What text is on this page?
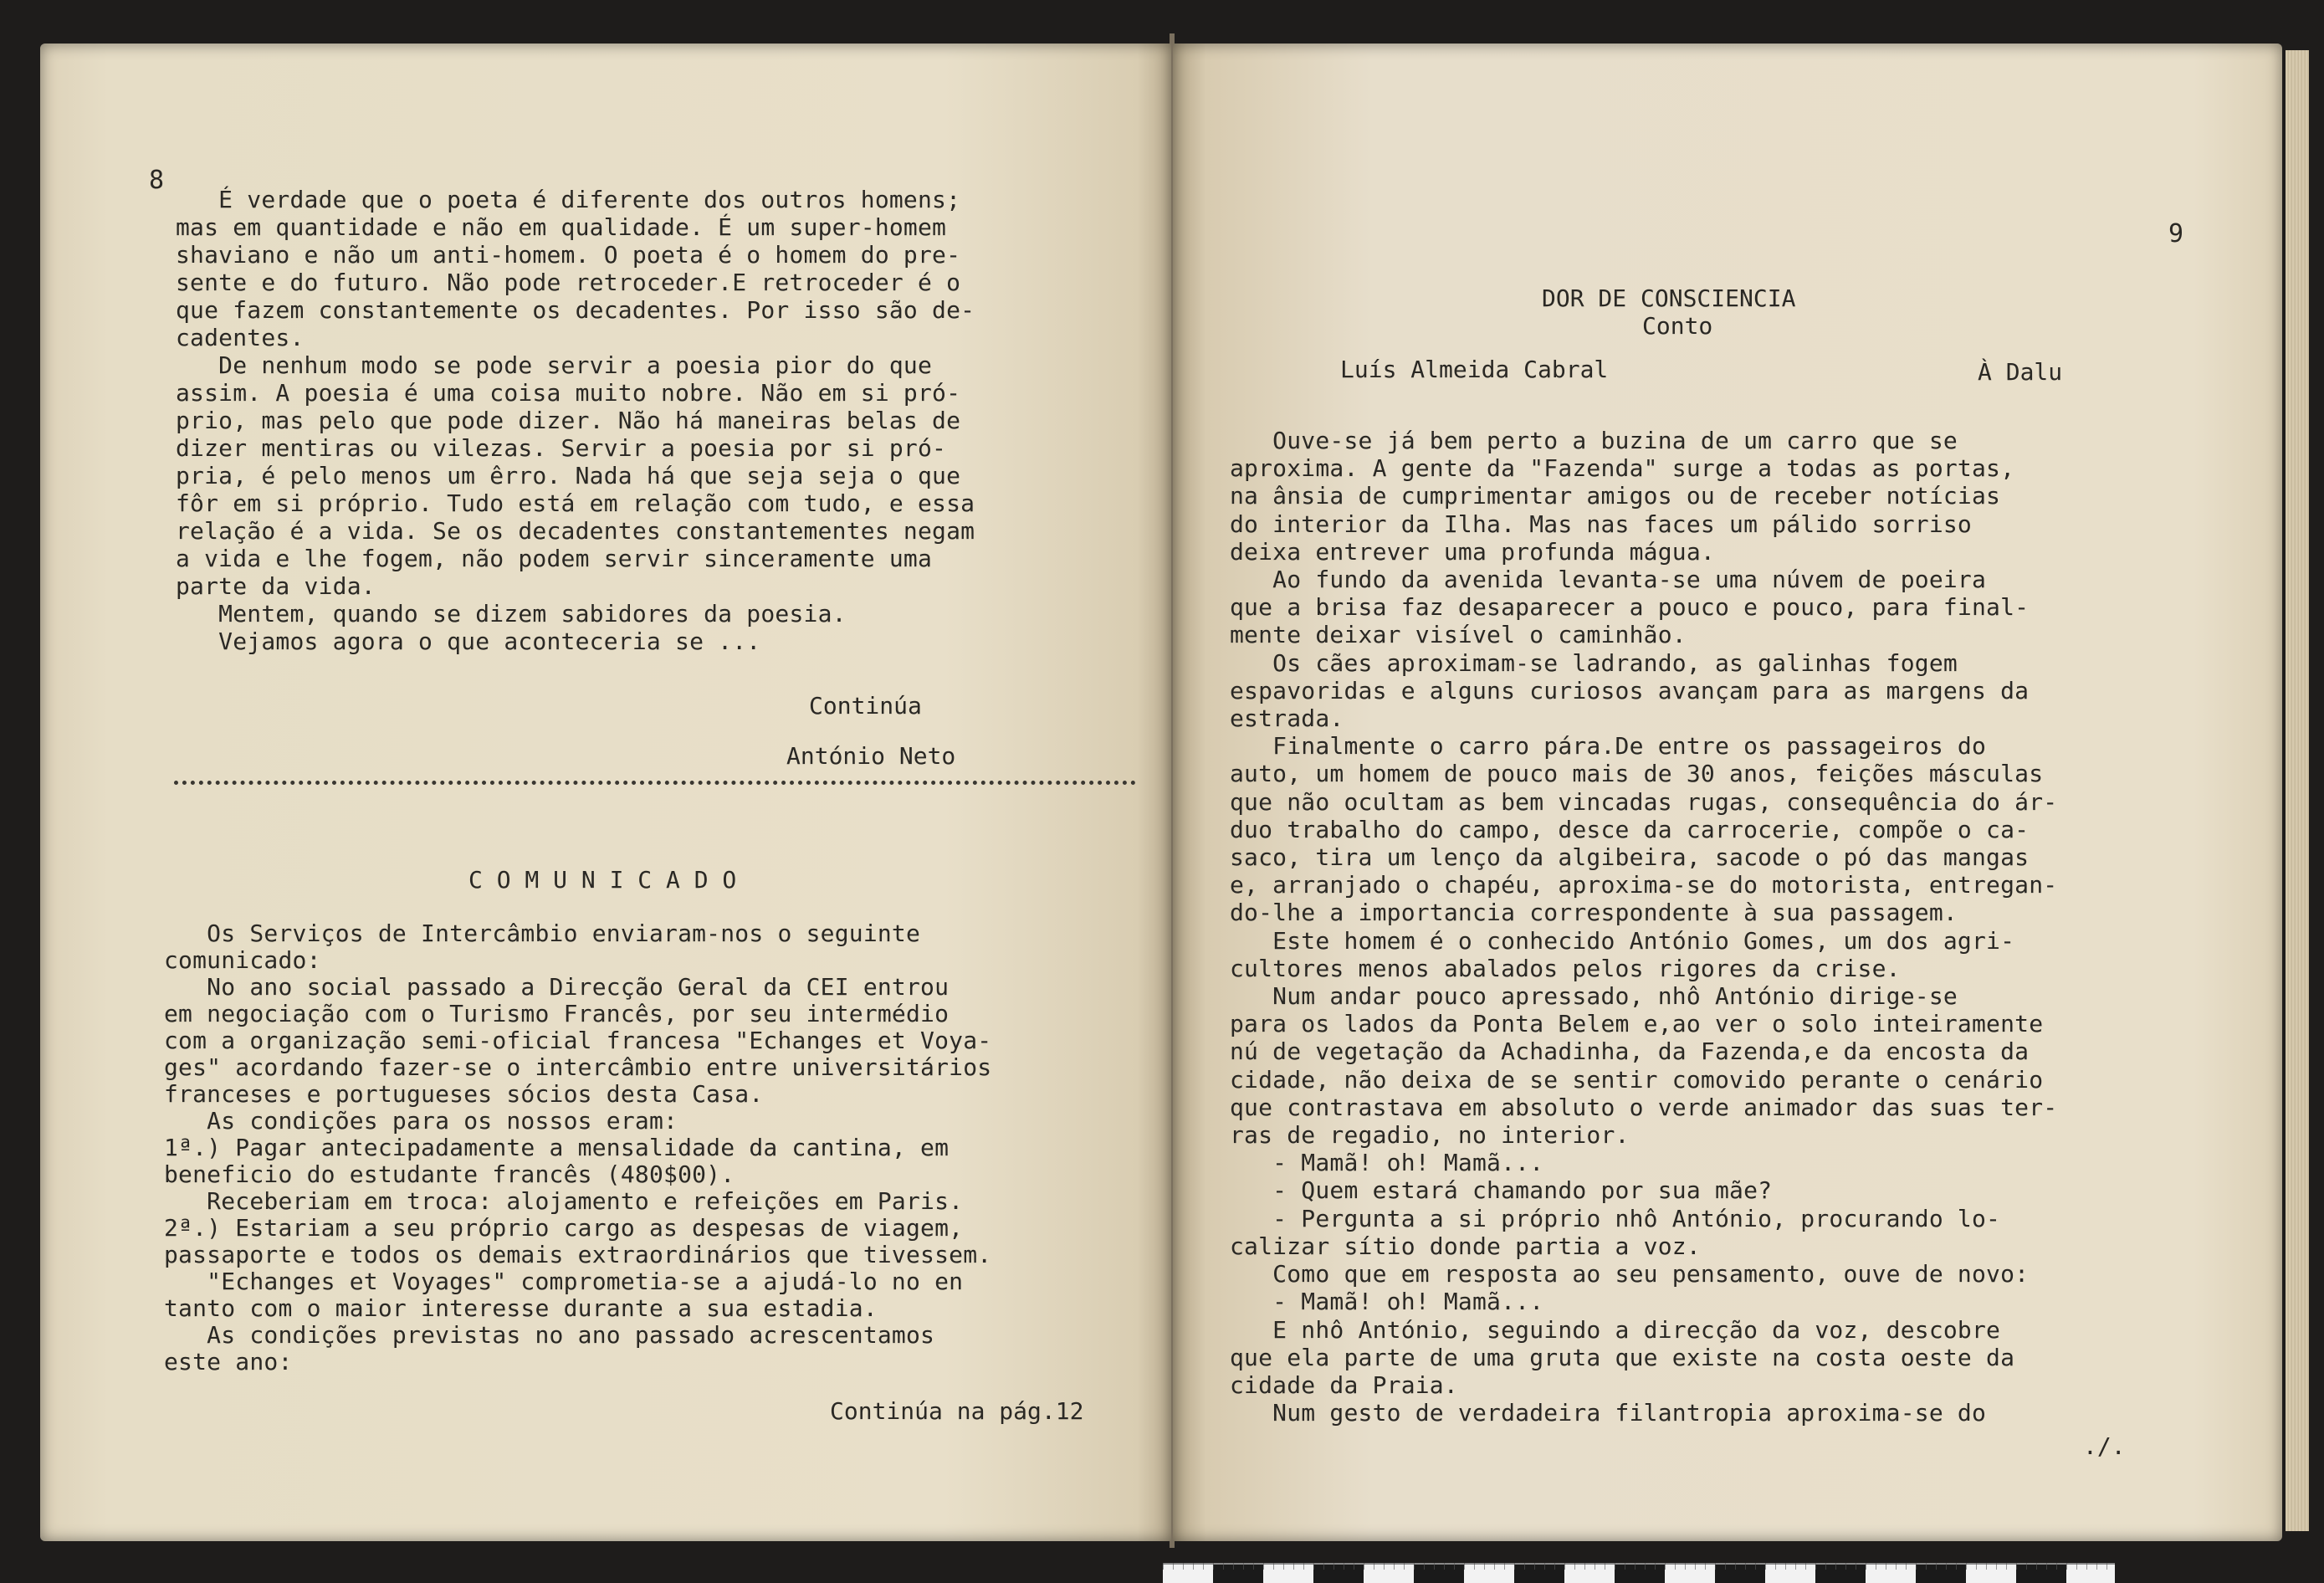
8
É verdade que o poeta é diferente dos outros homens;
mas em quantidade e não em qualidade. É um super-homem
shaviano e não um anti-homem. O poeta é o homem do pre-
sente e do futuro. Não pode retroceder.E retroceder é o
que fazem constantemente os decadentes. Por isso são de-
cadentes.
De nenhum modo se pode servir a poesia pior do que
assim. A poesia é uma coisa muito nobre. Não em si pró-
prio, mas pelo que pode dizer. Não há maneiras belas de
dizer mentiras ou vilezas. Servir a poesia por si pró-
pria, é pelo menos um êrro. Nada há que seja seja o que
fôr em si próprio. Tudo está em relação com tudo, e essa
relação é a vida. Se os decadentes constantementes negam
a vida e lhe fogem, não podem servir sinceramente uma
parte da vida.
Mentem, quando se dizem sabidores da poesia.
Vejamos agora o que aconteceria se ...
Continúa
António Neto
C O M U N I C A D O
Os Serviços de Intercâmbio enviaram-nos o seguinte
comunicado:
No ano social passado a Direcção Geral da CEI entrou
em negociação com o Turismo Francês, por seu intermédio
com a organização semi-oficial francesa "Echanges et Voya-
ges" acordando fazer-se o intercâmbio entre universitários
franceses e portugueses sócios desta Casa.
As condições para os nossos eram:
1ª.) Pagar antecipadamente a mensalidade da cantina, em
beneficio do estudante francês (480$00).
Receberiam em troca: alojamento e refeições em Paris.
2ª.) Estariam a seu próprio cargo as despesas de viagem,
passaporte e todos os demais extraordinários que tivessem.
"Echanges et Voyages" comprometia-se a ajudá-lo no en
tanto com o maior interesse durante a sua estadia.
As condições previstas no ano passado acrescentamos
este ano:
Continúa na pág.12
9
DOR DE CONSCIENCIA
Conto
Luís Almeida Cabral	À Dalu
Ouve-se já bem perto a buzina de um carro que se
aproxima. A gente da "Fazenda" surge a todas as portas,
na ânsia de cumprimentar amigos ou de receber notícias
do interior da Ilha. Mas nas faces um pálido sorriso
deixa entrever uma profunda mágua.
Ao fundo da avenida levanta-se uma núvem de poeira
que a brisa faz desaparecer a pouco e pouco, para final-
mente deixar visível o caminhão.
Os cães aproximam-se ladrando, as galinhas fogem
espavoridas e alguns curiosos avançam para as margens da
estrada.
Finalmente o carro pára.De entre os passageiros do
auto, um homem de pouco mais de 30 anos, feições másculas
que não ocultam as bem vincadas rugas, consequência do ár-
duo trabalho do campo, desce da carrocerie, compõe o ca-
saco, tira um lenço da algibeira, sacode o pó das mangas
e, arranjado o chapéu, aproxima-se do motorista, entregan-
do-lhe a importancia correspondente à sua passagem.
Este homem é o conhecido António Gomes, um dos agri-
cultores menos abalados pelos rigores da crise.
Num andar pouco apressado, nhô António dirige-se
para os lados da Ponta Belem e,ao ver o solo inteiramente
nú de vegetação da Achadinha, da Fazenda,e da encosta da
cidade, não deixa de se sentir comovido perante o cenário
que contrastava em absoluto o verde animador das suas ter-
ras de regadio, no interior.
- Mamã! oh! Mamã...
- Quem estará chamando por sua mãe?
- Pergunta a si próprio nhô António, procurando lo-
calizar sítio donde partia a voz.
Como que em resposta ao seu pensamento, ouve de novo:
- Mamã! oh! Mamã...
E nhô António, seguindo a direcção da voz, descobre
que ela parte de uma gruta que existe na costa oeste da
cidade da Praia.
Num gesto de verdadeira filantropia aproxima-se do
./.
